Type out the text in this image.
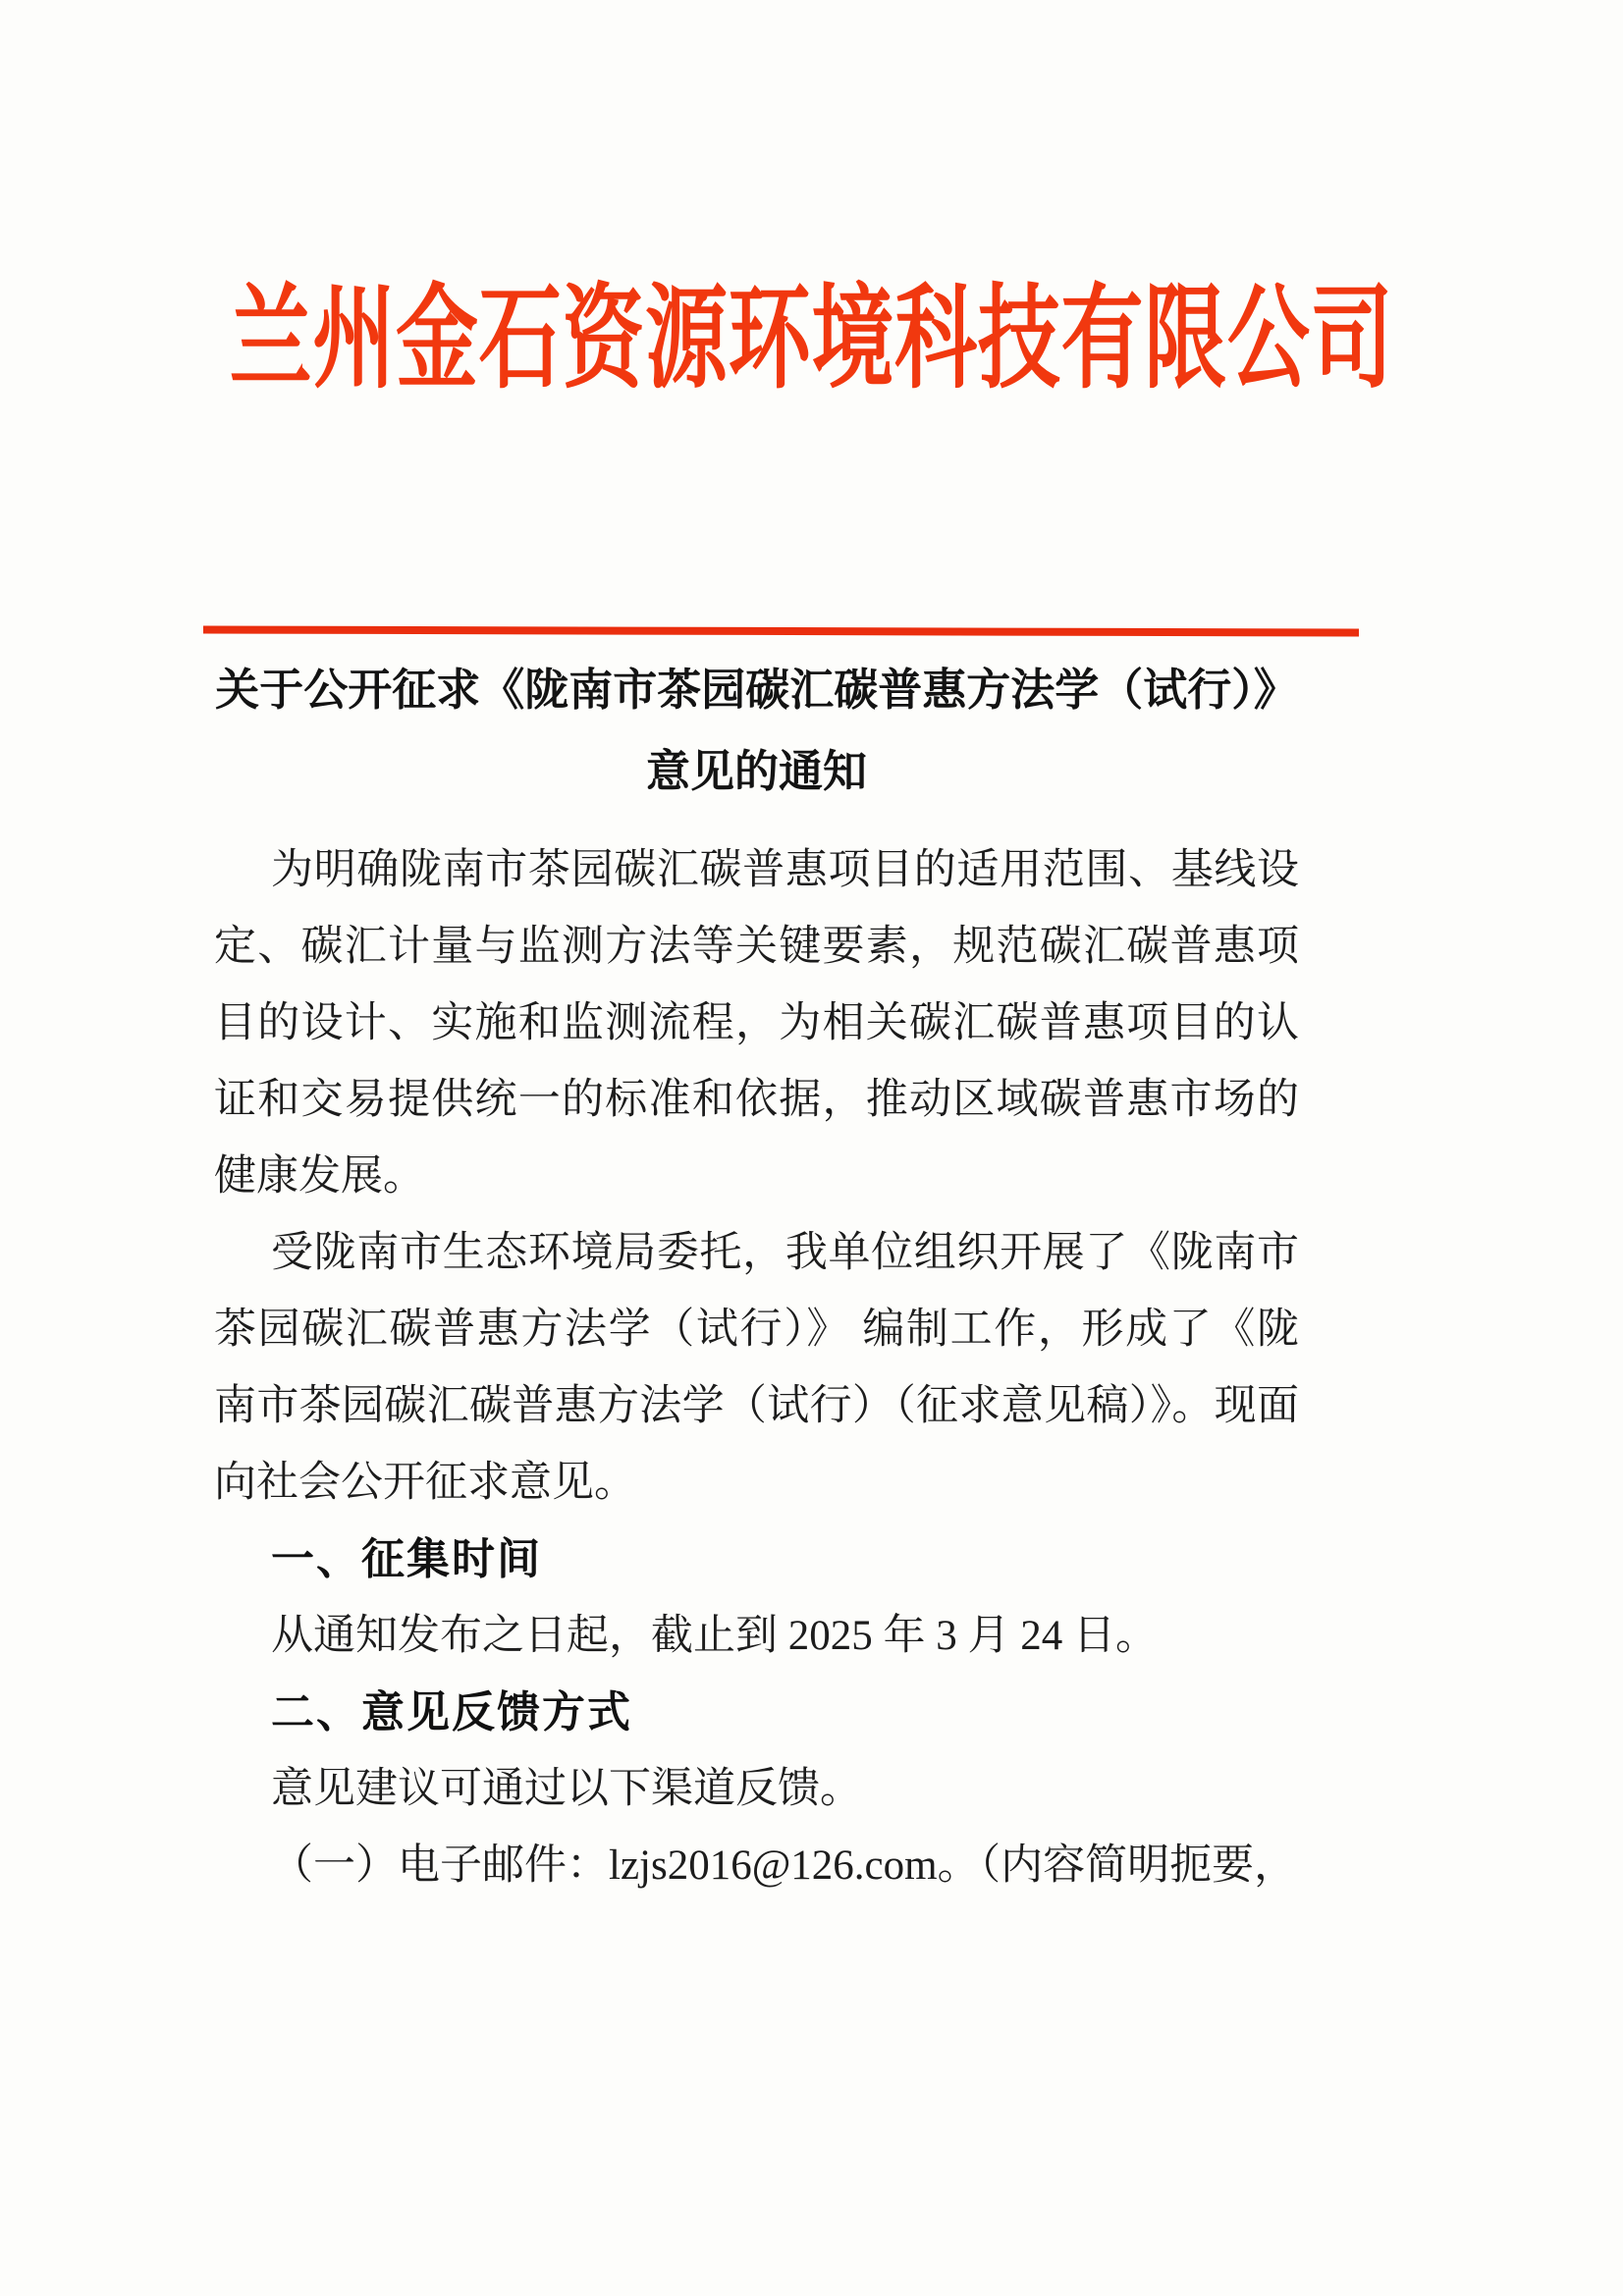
兰州金石资源环境科技有限公司
关于公开征求《陇南市茶园碳汇碳普惠方法学（试行）》
意见的通知

为明确陇南市茶园碳汇碳普惠项目的适用范围、基线设定、碳汇计量与监测方法等关键要素，规范碳汇碳普惠项目的设计、实施和监测流程，为相关碳汇碳普惠项目的认证和交易提供统一的标准和依据，推动区域碳普惠市场的健康发展。

受陇南市生态环境局委托，我单位组织开展了《陇南市茶园碳汇碳普惠方法学（试行）》 编制工作，形成了《陇南市茶园碳汇碳普惠方法学（试行）（征求意见稿）》。现面向社会公开征求意见。

一、征集时间

从通知发布之日起，截止到 2025 年 3 月 24 日。

二、意见反馈方式

意见建议可通过以下渠道反馈。

（一）电子邮件：lzjs2016@126.com。（内容简明扼要，
